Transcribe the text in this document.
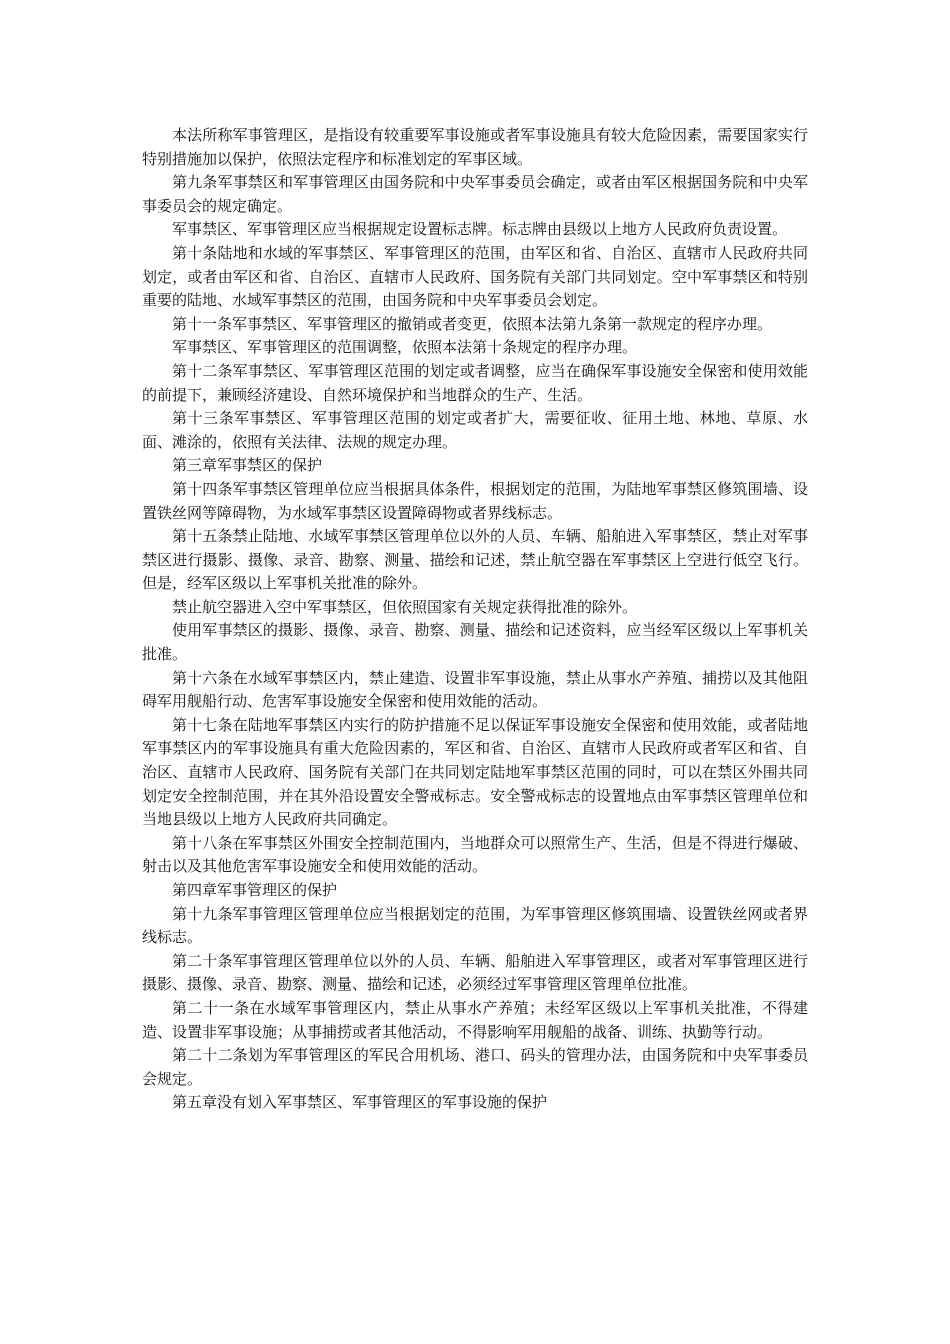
本法所称军事管理区，是指设有较重要军事设施或者军事设施具有较大危险因素，需要国家实行特别措施加以保护，依照法定程序和标准划定的军事区域。

第九条军事禁区和军事管理区由国务院和中央军事委员会确定，或者由军区根据国务院和中央军事委员会的规定确定。

军事禁区、军事管理区应当根据规定设置标志牌。标志牌由县级以上地方人民政府负责设置。

第十条陆地和水域的军事禁区、军事管理区的范围，由军区和省、自治区、直辖市人民政府共同划定，或者由军区和省、自治区、直辖市人民政府、国务院有关部门共同划定。空中军事禁区和特别重要的陆地、水域军事禁区的范围，由国务院和中央军事委员会划定。

第十一条军事禁区、军事管理区的撤销或者变更，依照本法第九条第一款规定的程序办理。

军事禁区、军事管理区的范围调整，依照本法第十条规定的程序办理。

第十二条军事禁区、军事管理区范围的划定或者调整，应当在确保军事设施安全保密和使用效能的前提下，兼顾经济建设、自然环境保护和当地群众的生产、生活。

第十三条军事禁区、军事管理区范围的划定或者扩大，需要征收、征用土地、林地、草原、水面、滩涂的，依照有关法律、法规的规定办理。

第三章军事禁区的保护

第十四条军事禁区管理单位应当根据具体条件，根据划定的范围，为陆地军事禁区修筑围墙、设置铁丝网等障碍物，为水域军事禁区设置障碍物或者界线标志。

第十五条禁止陆地、水域军事禁区管理单位以外的人员、车辆、船舶进入军事禁区，禁止对军事禁区进行摄影、摄像、录音、勘察、测量、描绘和记述，禁止航空器在军事禁区上空进行低空飞行。但是，经军区级以上军事机关批准的除外。

禁止航空器进入空中军事禁区，但依照国家有关规定获得批准的除外。

使用军事禁区的摄影、摄像、录音、勘察、测量、描绘和记述资料，应当经军区级以上军事机关批准。

第十六条在水域军事禁区内，禁止建造、设置非军事设施，禁止从事水产养殖、捕捞以及其他阻碍军用舰船行动、危害军事设施安全保密和使用效能的活动。

第十七条在陆地军事禁区内实行的防护措施不足以保证军事设施安全保密和使用效能，或者陆地军事禁区内的军事设施具有重大危险因素的，军区和省、自治区、直辖市人民政府或者军区和省、自治区、直辖市人民政府、国务院有关部门在共同划定陆地军事禁区范围的同时，可以在禁区外围共同划定安全控制范围，并在其外沿设置安全警戒标志。安全警戒标志的设置地点由军事禁区管理单位和当地县级以上地方人民政府共同确定。

第十八条在军事禁区外围安全控制范围内，当地群众可以照常生产、生活，但是不得进行爆破、射击以及其他危害军事设施安全和使用效能的活动。

第四章军事管理区的保护

第十九条军事管理区管理单位应当根据划定的范围，为军事管理区修筑围墙、设置铁丝网或者界线标志。

第二十条军事管理区管理单位以外的人员、车辆、船舶进入军事管理区，或者对军事管理区进行摄影、摄像、录音、勘察、测量、描绘和记述，必须经过军事管理区管理单位批准。

第二十一条在水域军事管理区内，禁止从事水产养殖；未经军区级以上军事机关批准，不得建造、设置非军事设施；从事捕捞或者其他活动，不得影响军用舰船的战备、训练、执勤等行动。

第二十二条划为军事管理区的军民合用机场、港口、码头的管理办法，由国务院和中央军事委员会规定。

第五章没有划入军事禁区、军事管理区的军事设施的保护
